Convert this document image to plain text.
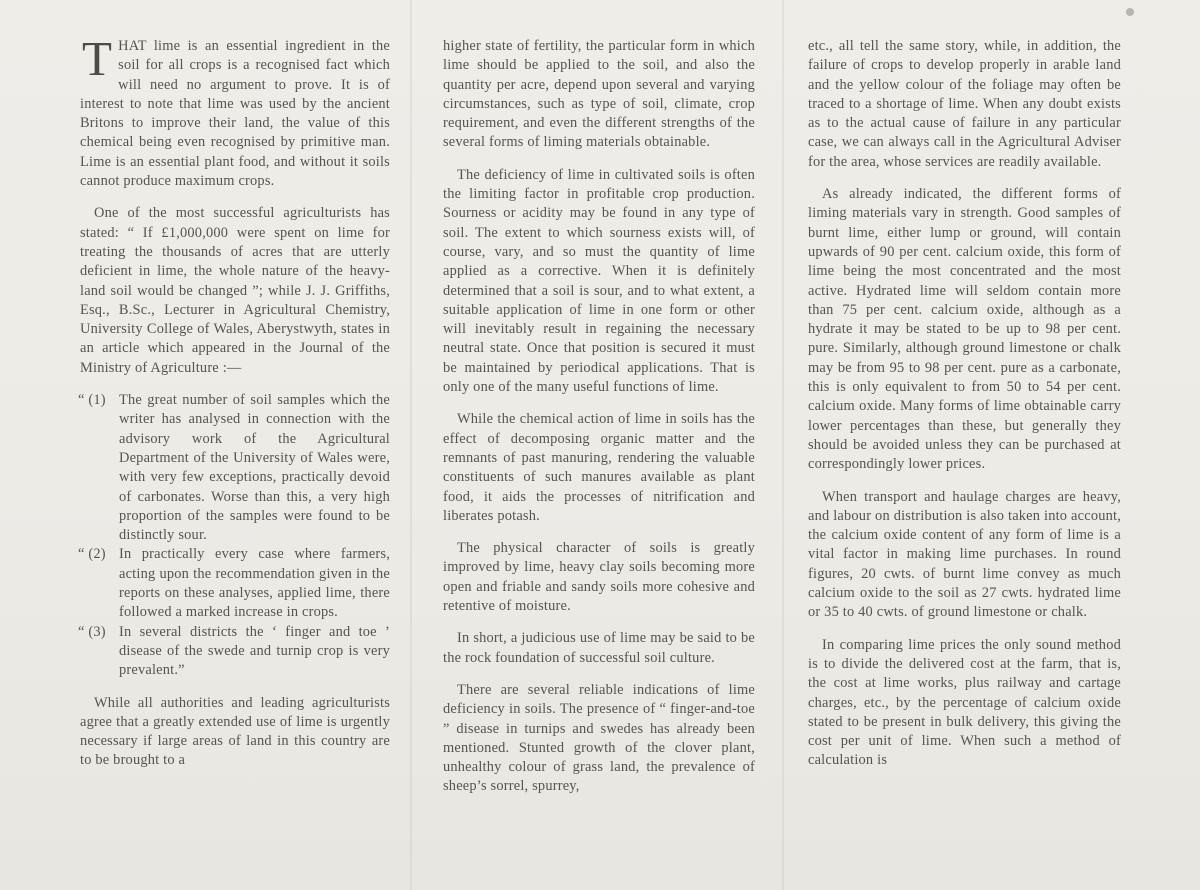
THAT lime is an essential ingredient in the soil for all crops is a recognised fact which will need no argument to prove. It is of interest to note that lime was used by the ancient Britons to improve their land, the value of this chemical being even recognised by primitive man. Lime is an essential plant food, and without it soils cannot produce maximum crops.

One of the most successful agriculturists has stated: “ If £1,000,000 were spent on lime for treating the thousands of acres that are utterly deficient in lime, the whole nature of the heavy-land soil would be changed ”; while J. J. Griffiths, Esq., B.Sc., Lecturer in Agricultural Chemistry, University College of Wales, Aberystwyth, states in an article which appeared in the Journal of the Ministry of Agriculture :—

“ (1) The great number of soil samples which the writer has analysed in connection with the advisory work of the Agricultural Department of the University of Wales were, with very few exceptions, practically devoid of carbonates. Worse than this, a very high proportion of the samples were found to be distinctly sour.

“ (2) In practically every case where farmers, acting upon the recommendation given in the reports on these analyses, applied lime, there followed a marked increase in crops.

“ (3) In several districts the ‘ finger and toe ’ disease of the swede and turnip crop is very prevalent.”

While all authorities and leading agriculturists agree that a greatly extended use of lime is urgently necessary if large areas of land in this country are to be brought to a

higher state of fertility, the particular form in which lime should be applied to the soil, and also the quantity per acre, depend upon several and varying circumstances, such as type of soil, climate, crop requirement, and even the different strengths of the several forms of liming materials obtainable.

The deficiency of lime in cultivated soils is often the limiting factor in profitable crop production. Sourness or acidity may be found in any type of soil. The extent to which sourness exists will, of course, vary, and so must the quantity of lime applied as a corrective. When it is definitely determined that a soil is sour, and to what extent, a suitable application of lime in one form or other will inevitably result in regaining the necessary neutral state. Once that position is secured it must be maintained by periodical applications. That is only one of the many useful functions of lime.

While the chemical action of lime in soils has the effect of decomposing organic matter and the remnants of past manuring, rendering the valuable constituents of such manures available as plant food, it aids the processes of nitrification and liberates potash.

The physical character of soils is greatly improved by lime, heavy clay soils becoming more open and friable and sandy soils more cohesive and retentive of moisture.

In short, a judicious use of lime may be said to be the rock foundation of successful soil culture.

There are several reliable indications of lime deficiency in soils. The presence of “ finger-and-toe ” disease in turnips and swedes has already been mentioned. Stunted growth of the clover plant, unhealthy colour of grass land, the prevalence of sheep’s sorrel, spurrey,

etc., all tell the same story, while, in addition, the failure of crops to develop properly in arable land and the yellow colour of the foliage may often be traced to a shortage of lime. When any doubt exists as to the actual cause of failure in any particular case, we can always call in the Agricultural Adviser for the area, whose services are readily available.

As already indicated, the different forms of liming materials vary in strength. Good samples of burnt lime, either lump or ground, will contain upwards of 90 per cent. calcium oxide, this form of lime being the most concentrated and the most active. Hydrated lime will seldom contain more than 75 per cent. calcium oxide, although as a hydrate it may be stated to be up to 98 per cent. pure. Similarly, although ground limestone or chalk may be from 95 to 98 per cent. pure as a carbonate, this is only equivalent to from 50 to 54 per cent. calcium oxide. Many forms of lime obtainable carry lower percentages than these, but generally they should be avoided unless they can be purchased at correspondingly lower prices.

When transport and haulage charges are heavy, and labour on distribution is also taken into account, the calcium oxide content of any form of lime is a vital factor in making lime purchases. In round figures, 20 cwts. of burnt lime convey as much calcium oxide to the soil as 27 cwts. hydrated lime or 35 to 40 cwts. of ground limestone or chalk.

In comparing lime prices the only sound method is to divide the delivered cost at the farm, that is, the cost at lime works, plus railway and cartage charges, etc., by the percentage of calcium oxide stated to be present in bulk delivery, this giving the cost per unit of lime. When such a method of calculation is
